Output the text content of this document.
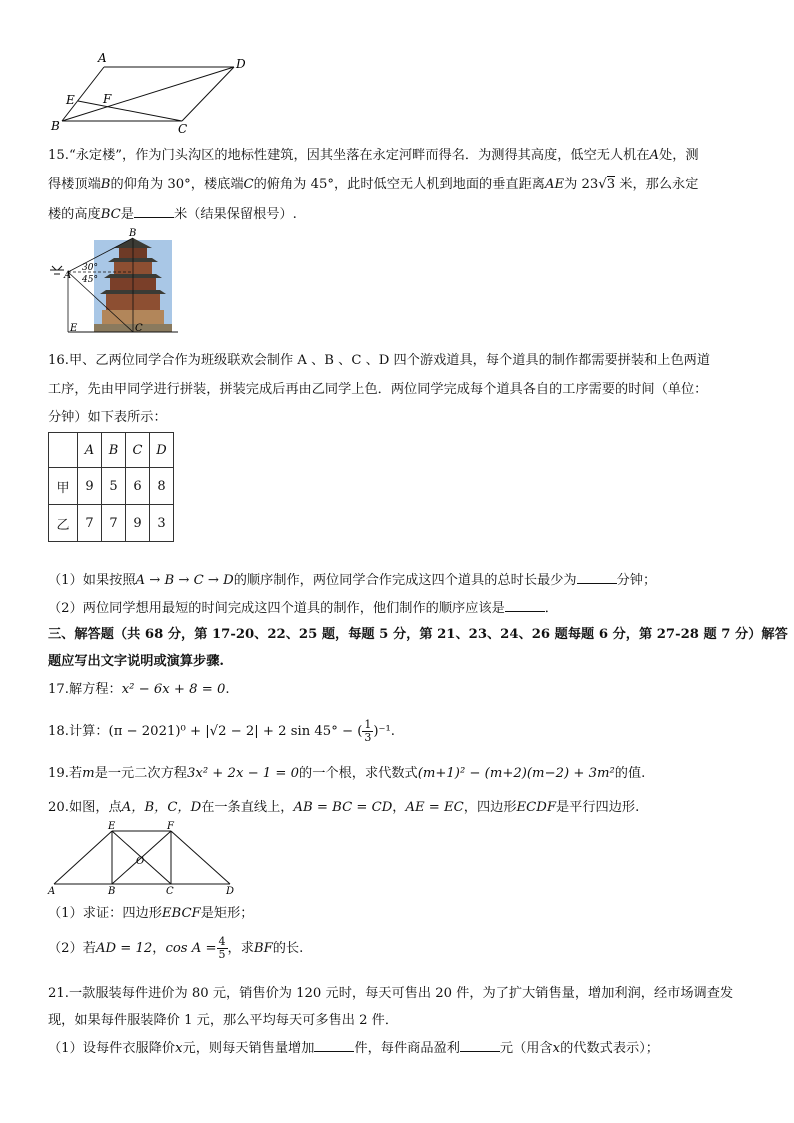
A	D
E F
B	C
15.“永定楼”，作为门头沟区的地标性建筑，因其坐落在永定河畔而得名．为测得其高度，低空无人机在A处，测
得楼顶端B的仰角为 30°，楼底端C的俯角为 45°，此时低空无人机到地面的垂直距离AE为 23√3 米，那么永定
楼的高度BC是	米（结果保留根号）.
B
A
30°
45°
E	C
16.甲、乙两位同学合作为班级联欢会制作 A 、B 、C 、D 四个游戏道具，每个道具的制作都需要拼装和上色两道
工序，先由甲同学进行拼装，拼装完成后再由乙同学上色．两位同学完成每个道具各自的工序需要的时间（单位：
分钟）如下表所示：
	A	B	C	D
甲	9	5	6	8
乙	7	7	9	3
（1）如果按照A → B → C → D的顺序制作，两位同学合作完成这四个道具的总时长最少为	分钟；
（2）两位同学想用最短的时间完成这四个道具的制作，他们制作的顺序应该是	．
三、解答题（共 68 分，第 17-20、22、25 题，每题 5 分，第 21、23、24、26 题每题 6 分，第 27-28 题 7 分）解答
题应写出文字说明或演算步骤.
17.解方程：x² − 6x + 8 = 0.
18.计算：(π − 2021)⁰ + |√2 − 2| + 2 sin 45° − ( $\frac{1}{3} )^{-1}$.
19.若m是一元二次方程3x² + 2x − 1 = 0的一个根，求代数式(m+1)² − (m+2)(m−2) + 3m²的值.
20.如图，点A，B，C，D在一条直线上，AB = BC = CD，AE = EC，四边形ECDF是平行四边形.
E	F
O
A	B	C	D
（1）求证：四边形EBCF是矩形；
（2）若AD = 12，$\cos A = \frac{4}{5}$ ，求BF的长.
21.一款服装每件进价为 80 元，销售价为 120 元时，每天可售出 20 件，为了扩大销售量，增加利润，经市场调查发
现，如果每件服装降价 1 元，那么平均每天可多售出 2 件．
（1）设每件衣服降价x元，则每天销售量增加	件，每件商品盈利	元（用含x的代数式表示）；
